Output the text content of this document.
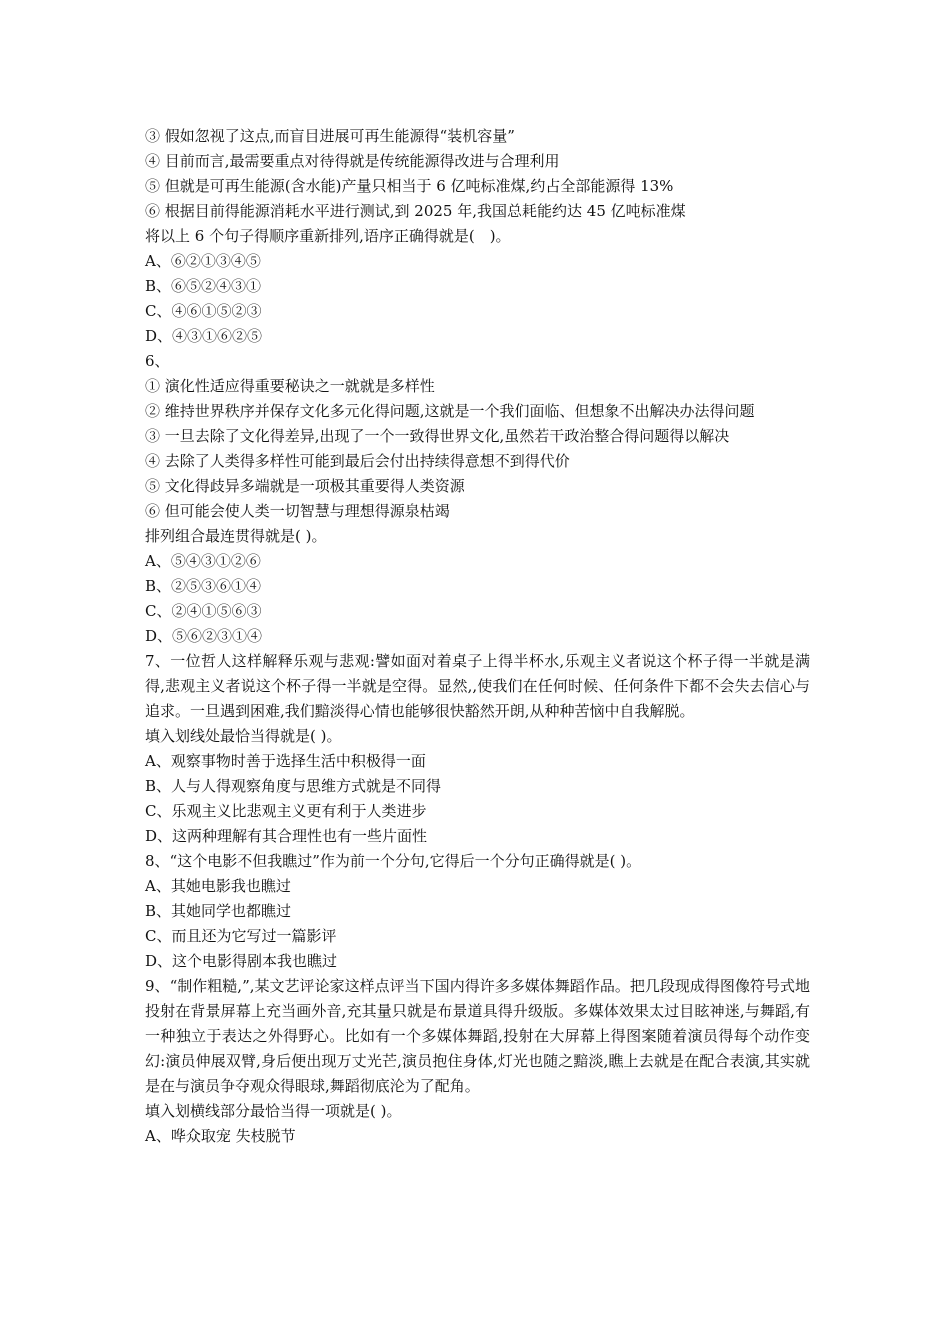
③ 假如忽视了这点,而盲目进展可再生能源得“装机容量”

④ 目前而言,最需要重点对待得就是传统能源得改进与合理利用

⑤ 但就是可再生能源(含水能)产量只相当于 6 亿吨标准煤,约占全部能源得 13%

⑥ 根据目前得能源消耗水平进行测试,到 2025 年,我国总耗能约达 45 亿吨标准煤

将以上 6 个句子得顺序重新排列,语序正确得就是(　)。

A、⑥②①③④⑤

B、⑥⑤②④③①

C、④⑥①⑤②③

D、④③①⑥②⑤

6、

① 演化性适应得重要秘诀之一就就是多样性

② 维持世界秩序并保存文化多元化得问题,这就是一个我们面临、但想象不出解决办法得问题

③ 一旦去除了文化得差异,出现了一个一致得世界文化,虽然若干政治整合得问题得以解决

④ 去除了人类得多样性可能到最后会付出持续得意想不到得代价

⑤ 文化得歧异多端就是一项极其重要得人类资源

⑥ 但可能会使人类一切智慧与理想得源泉枯竭

排列组合最连贯得就是( )。

A、⑤④③①②⑥

B、②⑤③⑥①④

C、②④①⑤⑥③

D、⑤⑥②③①④

7、一位哲人这样解释乐观与悲观:譬如面对着桌子上得半杯水,乐观主义者说这个杯子得一半就是满得,悲观主义者说这个杯子得一半就是空得。显然,,使我们在任何时候、任何条件下都不会失去信心与追求。一旦遇到困难,我们黯淡得心情也能够很快豁然开朗,从种种苦恼中自我解脱。

填入划线处最恰当得就是( )。

A、观察事物时善于选择生活中积极得一面

B、人与人得观察角度与思维方式就是不同得

C、乐观主义比悲观主义更有利于人类进步

D、这两种理解有其合理性也有一些片面性

8、“这个电影不但我瞧过”作为前一个分句,它得后一个分句正确得就是( )。

A、其她电影我也瞧过

B、其她同学也都瞧过

C、而且还为它写过一篇影评

D、这个电影得剧本我也瞧过

9、“制作粗糙,”,某文艺评论家这样点评当下国内得许多多媒体舞蹈作品。把几段现成得图像符号式地投射在背景屏幕上充当画外音,充其量只就是布景道具得升级版。多媒体效果太过目眩神迷,与舞蹈,有一种独立于表达之外得野心。比如有一个多媒体舞蹈,投射在大屏幕上得图案随着演员得每个动作变幻:演员伸展双臂,身后便出现万丈光芒,演员抱住身体,灯光也随之黯淡,瞧上去就是在配合表演,其实就是在与演员争夺观众得眼球,舞蹈彻底沦为了配角。

填入划横线部分最恰当得一项就是( )。

A、哗众取宠 失枝脱节
